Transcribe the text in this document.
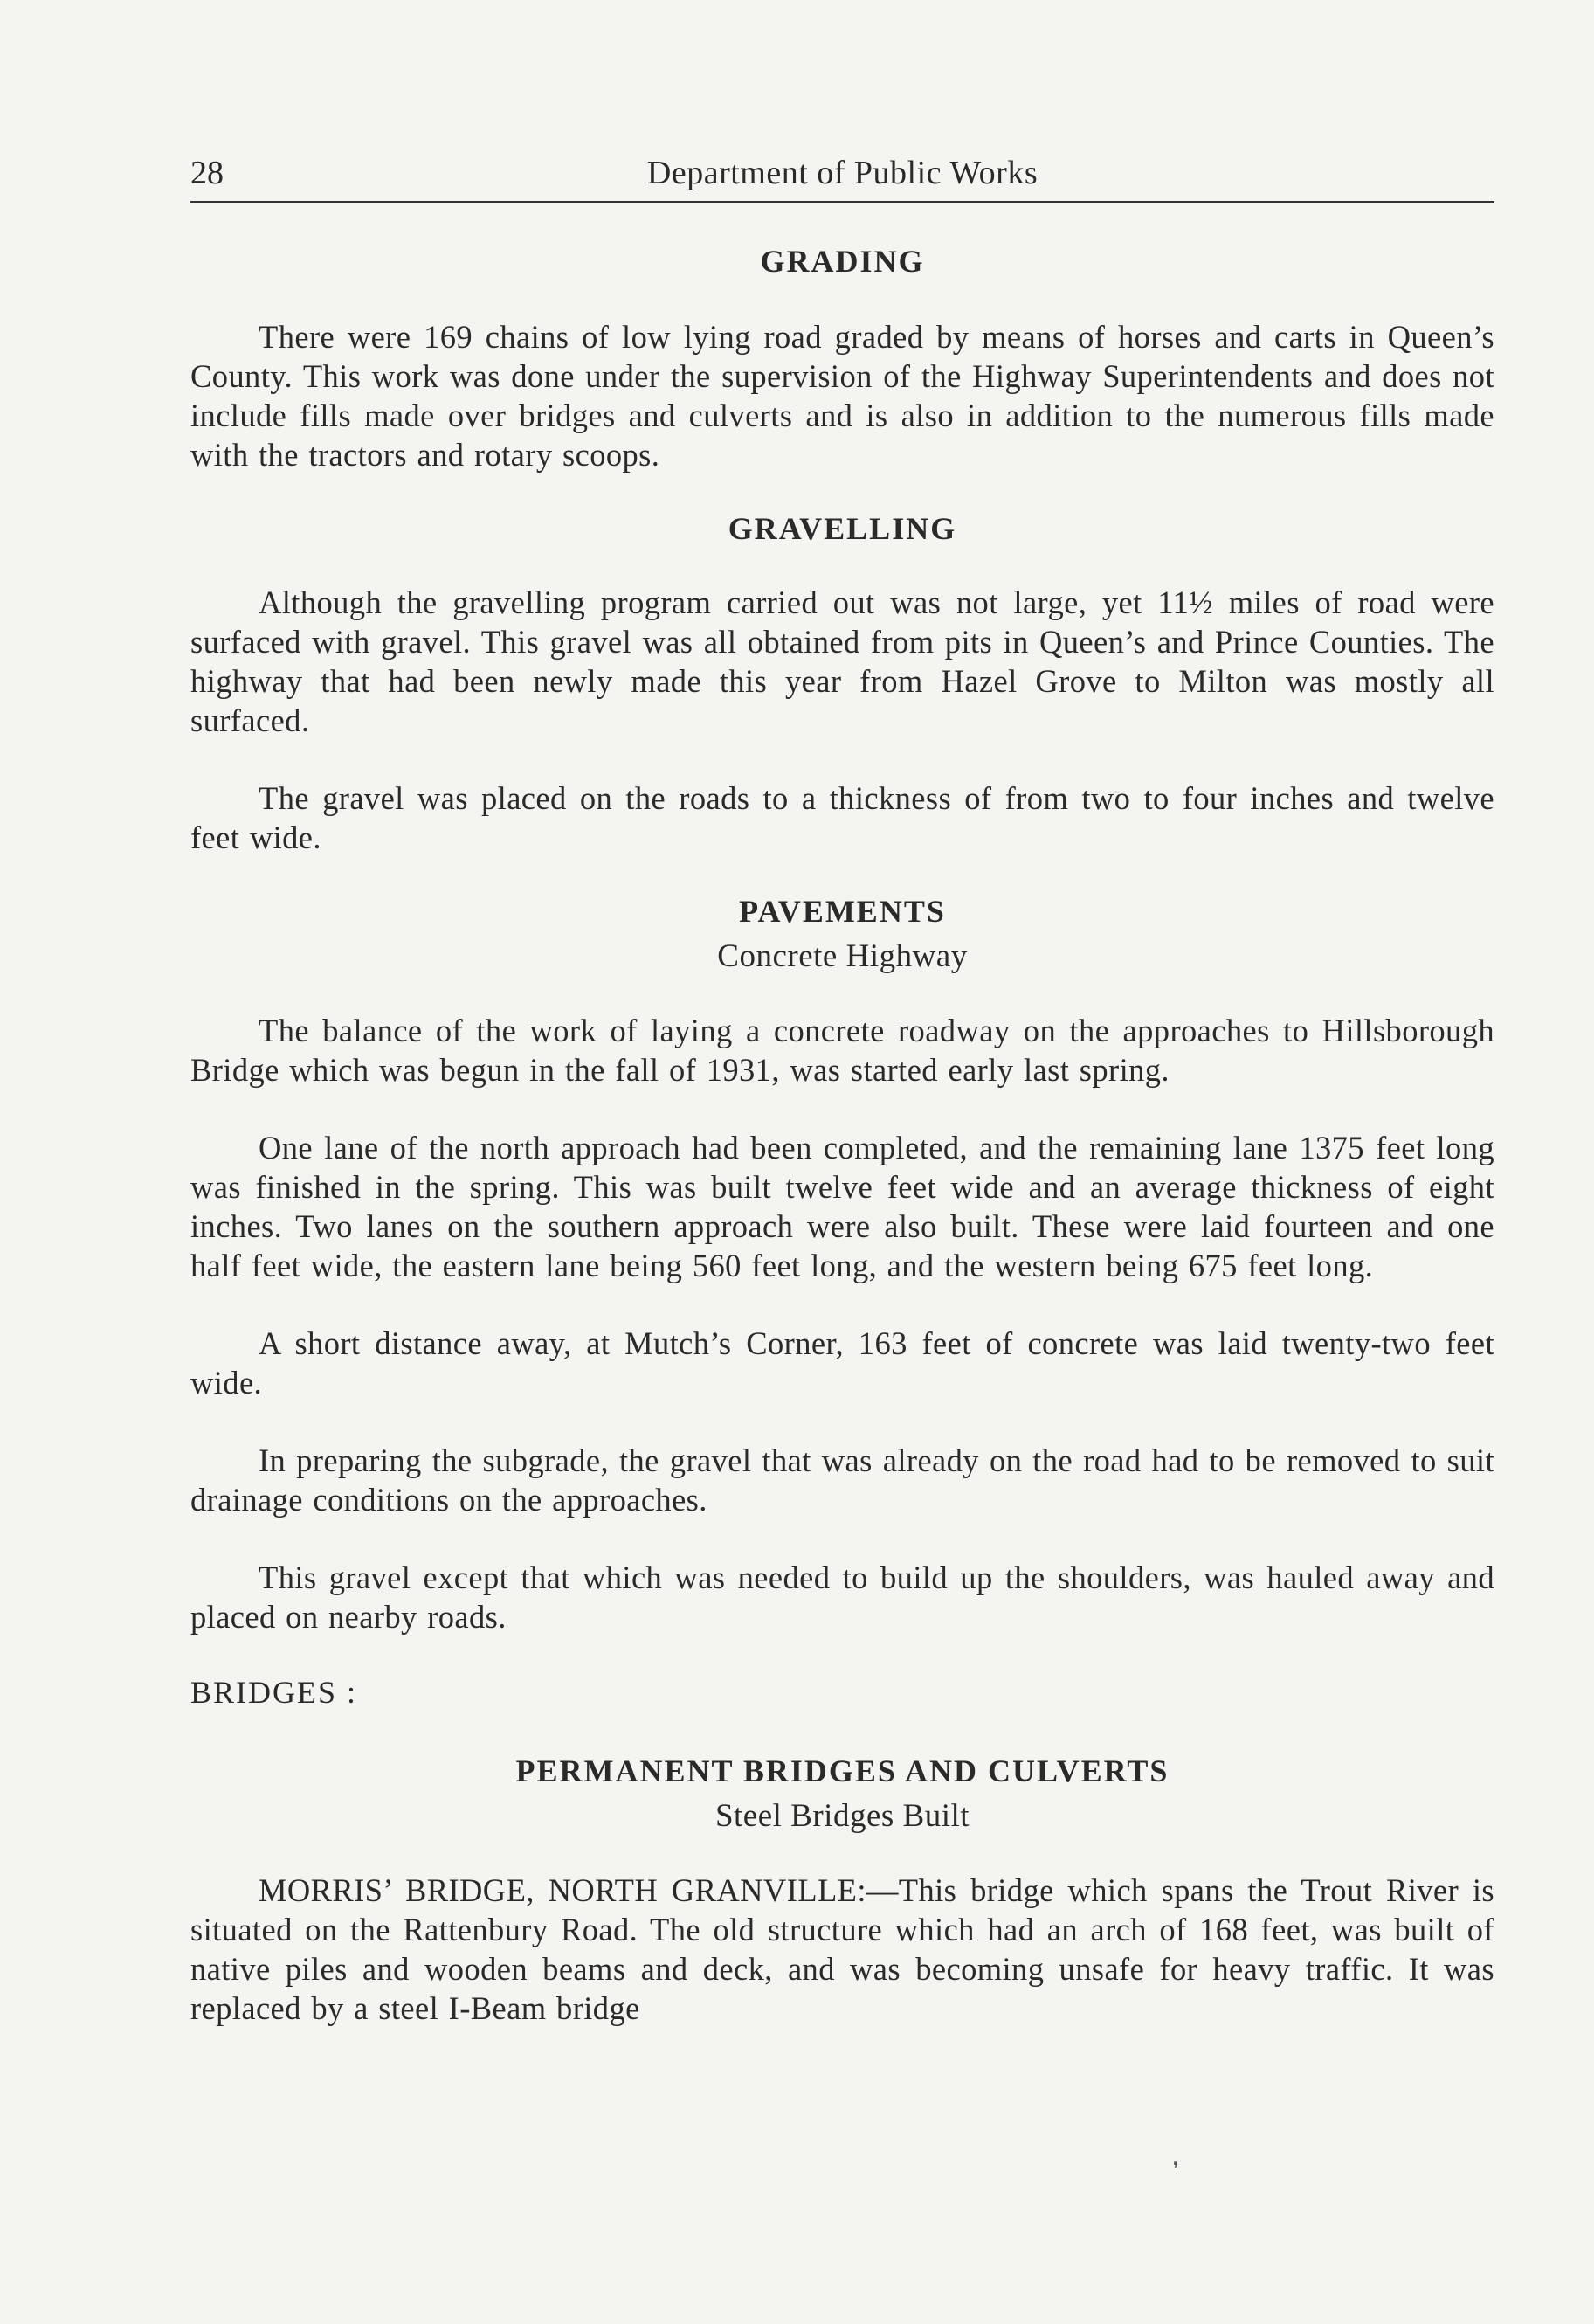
28	Department of Public Works
GRADING

There were 169 chains of low lying road graded by means of horses and carts in Queen’s County. This work was done under the supervision of the Highway Superintendents and does not include fills made over bridges and culverts and is also in addition to the numerous fills made with the tractors and rotary scoops.

GRAVELLING

Although the gravelling program carried out was not large, yet 11½ miles of road were surfaced with gravel. This gravel was all obtained from pits in Queen’s and Prince Counties. The highway that had been newly made this year from Hazel Grove to Milton was mostly all surfaced.

The gravel was placed on the roads to a thickness of from two to four inches and twelve feet wide.

PAVEMENTS
Concrete Highway

The balance of the work of laying a concrete roadway on the approaches to Hillsborough Bridge which was begun in the fall of 1931, was started early last spring.

One lane of the north approach had been completed, and the remaining lane 1375 feet long was finished in the spring. This was built twelve feet wide and an average thickness of eight inches. Two lanes on the southern approach were also built. These were laid fourteen and one half feet wide, the eastern lane being 560 feet long, and the western being 675 feet long.

A short distance away, at Mutch’s Corner, 163 feet of concrete was laid twenty-two feet wide.

In preparing the subgrade, the gravel that was already on the road had to be removed to suit drainage conditions on the approaches.

This gravel except that which was needed to build up the shoulders, was hauled away and placed on nearby roads.

BRIDGES :
PERMANENT BRIDGES AND CULVERTS
Steel Bridges Built

MORRIS’ BRIDGE, NORTH GRANVILLE:—This bridge which spans the Trout River is situated on the Rattenbury Road. The old structure which had an arch of 168 feet, was built of native piles and wooden beams and deck, and was becoming unsafe for heavy traffic. It was replaced by a steel I-Beam bridge

❜
